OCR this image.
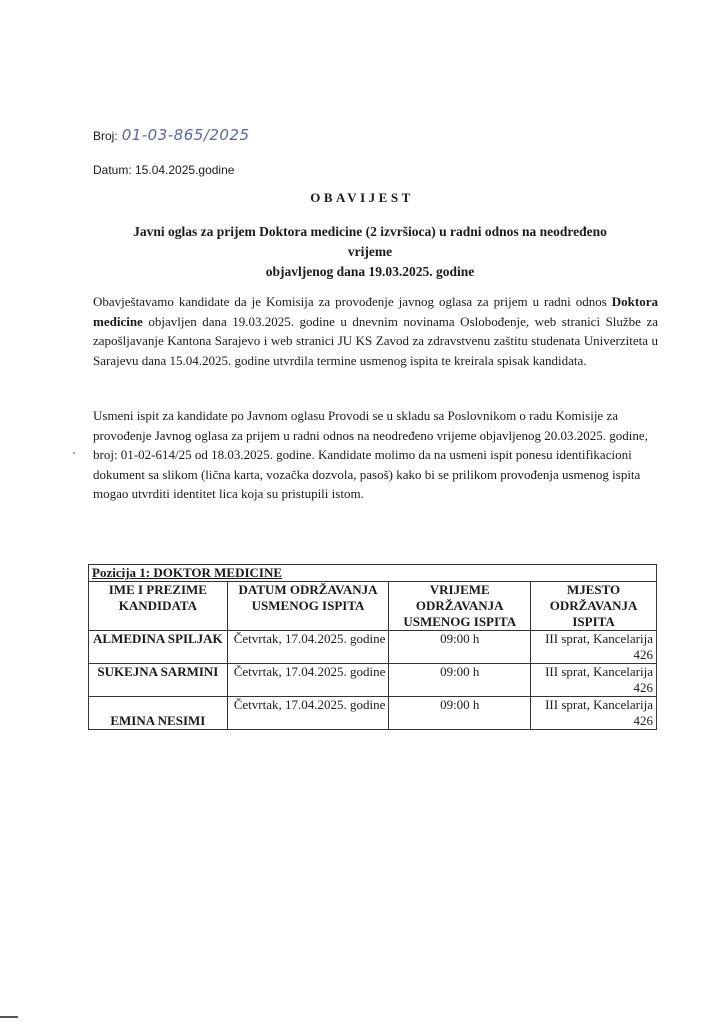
Broj: 01-03-865/2025
Datum: 15.04.2025.godine
OBAVIJEST
Javni oglas za prijem Doktora medicine (2 izvršioca) u radni odnos na neodređeno vrijeme
objavljenog dana 19.03.2025. godine
Obavještavamo kandidate da je Komisija za provođenje javnog oglasa za prijem u radni odnos Doktora medicine objavljen dana 19.03.2025. godine u dnevnim novinama Oslobođenje, web stranici Službe za zapošljavanje Kantona Sarajevo i web stranici JU KS Zavod za zdravstvenu zaštitu studenata Univerziteta u Sarajevu dana 15.04.2025. godine utvrdila termine usmenog ispita te kreirala spisak kandidata.
Usmeni ispit za kandidate po Javnom oglasu Provodi se u skladu sa Poslovnikom o radu Komisije za provođenje Javnog oglasa za prijem u radni odnos na neodređeno vrijeme objavljenog 20.03.2025. godine, broj: 01-02-614/25 od 18.03.2025. godine. Kandidate molimo da na usmeni ispit ponesu identifikacioni dokument sa slikom (lična karta, vozačka dozvola, pasoš) kako bi se prilikom provođenja usmenog ispita mogao utvrditi identitet lica koja su pristupili istom.
Pozicija 1: DOKTOR MEDICINE			
IME I PREZIME KANDIDATA	DATUM ODRŽAVANJA USMENOG ISPITA	VRIJEME ODRŽAVANJA USMENOG ISPITA	MJESTO ODRŽAVANJA ISPITA
ALMEDINA SPILJAK	Četvrtak, 17.04.2025. godine	09:00 h	III sprat, Kancelarija 426
SUKEJNA SARMINI	Četvrtak, 17.04.2025. godine	09:00 h	III sprat, Kancelarija 426
EMINA NESIMI	Četvrtak, 17.04.2025. godine	09:00 h	III sprat, Kancelarija 426
